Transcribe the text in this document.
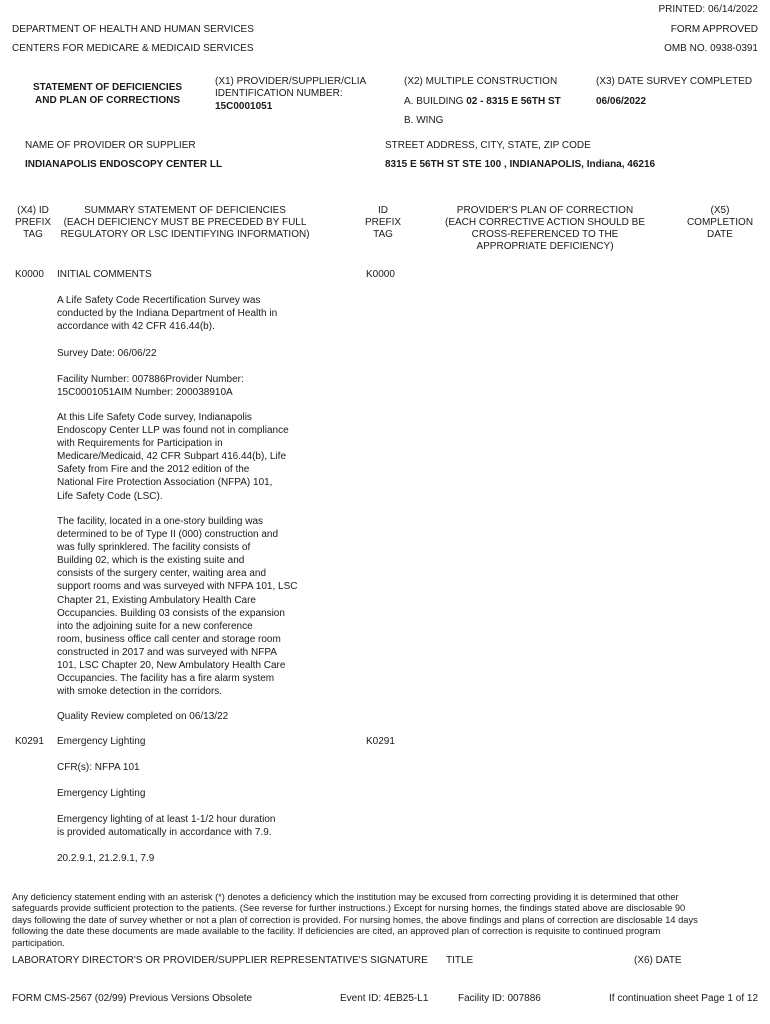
PRINTED: 06/14/2022
DEPARTMENT OF HEALTH AND HUMAN SERVICES	FORM APPROVED
CENTERS FOR MEDICARE & MEDICAID SERVICES	OMB NO. 0938-0391
STATEMENT OF DEFICIENCIES
AND PLAN OF CORRECTIONS
(X1) PROVIDER/SUPPLIER/CLIA
IDENTIFICATION NUMBER:
15C0001051
(X2) MULTIPLE CONSTRUCTION
A. BUILDING 02 - 8315 E 56TH ST
B. WING
(X3) DATE SURVEY COMPLETED
06/06/2022
NAME OF PROVIDER OR SUPPLIER
INDIANAPOLIS ENDOSCOPY CENTER LL
STREET ADDRESS, CITY, STATE, ZIP CODE
8315 E 56TH ST STE 100 , INDIANAPOLIS, Indiana, 46216
(X4) ID
PREFIX
TAG
SUMMARY STATEMENT OF DEFICIENCIES
(EACH DEFICIENCY MUST BE PRECEDED BY FULL
REGULATORY OR LSC IDENTIFYING INFORMATION)
ID
PREFIX
TAG
PROVIDER'S PLAN OF CORRECTION
(EACH CORRECTIVE ACTION SHOULD BE
CROSS-REFERENCED TO THE
APPROPRIATE DEFICIENCY)
(X5)
COMPLETION
DATE
K0000 INITIAL COMMENTS	K0000
A Life Safety Code Recertification Survey was
conducted by the Indiana Department of Health in
accordance with 42 CFR 416.44(b).
Survey Date: 06/06/22
Facility Number: 007886Provider Number:
15C0001051AIM Number: 200038910A
At this Life Safety Code survey, Indianapolis
Endoscopy Center LLP was found not in compliance
with Requirements for Participation in
Medicare/Medicaid, 42 CFR Subpart 416.44(b), Life
Safety from Fire and the 2012 edition of the
National Fire Protection Association (NFPA) 101,
Life Safety Code (LSC).
The facility, located in a one-story building was
determined to be of Type II (000) construction and
was fully sprinklered. The facility consists of
Building 02, which is the existing suite and
consists of the surgery center, waiting area and
support rooms and was surveyed with NFPA 101, LSC
Chapter 21, Existing Ambulatory Health Care
Occupancies. Building 03 consists of the expansion
into the adjoining suite for a new conference
room, business office call center and storage room
constructed in 2017 and was surveyed with NFPA
101, LSC Chapter 20, New Ambulatory Health Care
Occupancies. The facility has a fire alarm system
with smoke detection in the corridors.
Quality Review completed on 06/13/22
K0291 Emergency Lighting	K0291
CFR(s): NFPA 101
Emergency Lighting
Emergency lighting of at least 1-1/2 hour duration
is provided automatically in accordance with 7.9.
20.2.9.1, 21.2.9.1, 7.9
Any deficiency statement ending with an asterisk (*) denotes a deficiency which the institution may be excused from correcting providing it is determined that other
safeguards provide sufficient protection to the patients. (See reverse for further instructions.) Except for nursing homes, the findings stated above are disclosable 90
days following the date of survey whether or not a plan of correction is provided. For nursing homes, the above findings and plans of correction are disclosable 14 days
following the date these documents are made available to the facility. If deficiencies are cited, an approved plan of correction is requisite to continued program
participation.
LABORATORY DIRECTOR'S OR PROVIDER/SUPPLIER REPRESENTATIVE'S SIGNATURE TITLE	(X6) DATE
FORM CMS-2567 (02/99) Previous Versions Obsolete	Event ID: 4EB25-L1	Facility ID: 007886	If continuation sheet Page 1 of 12
